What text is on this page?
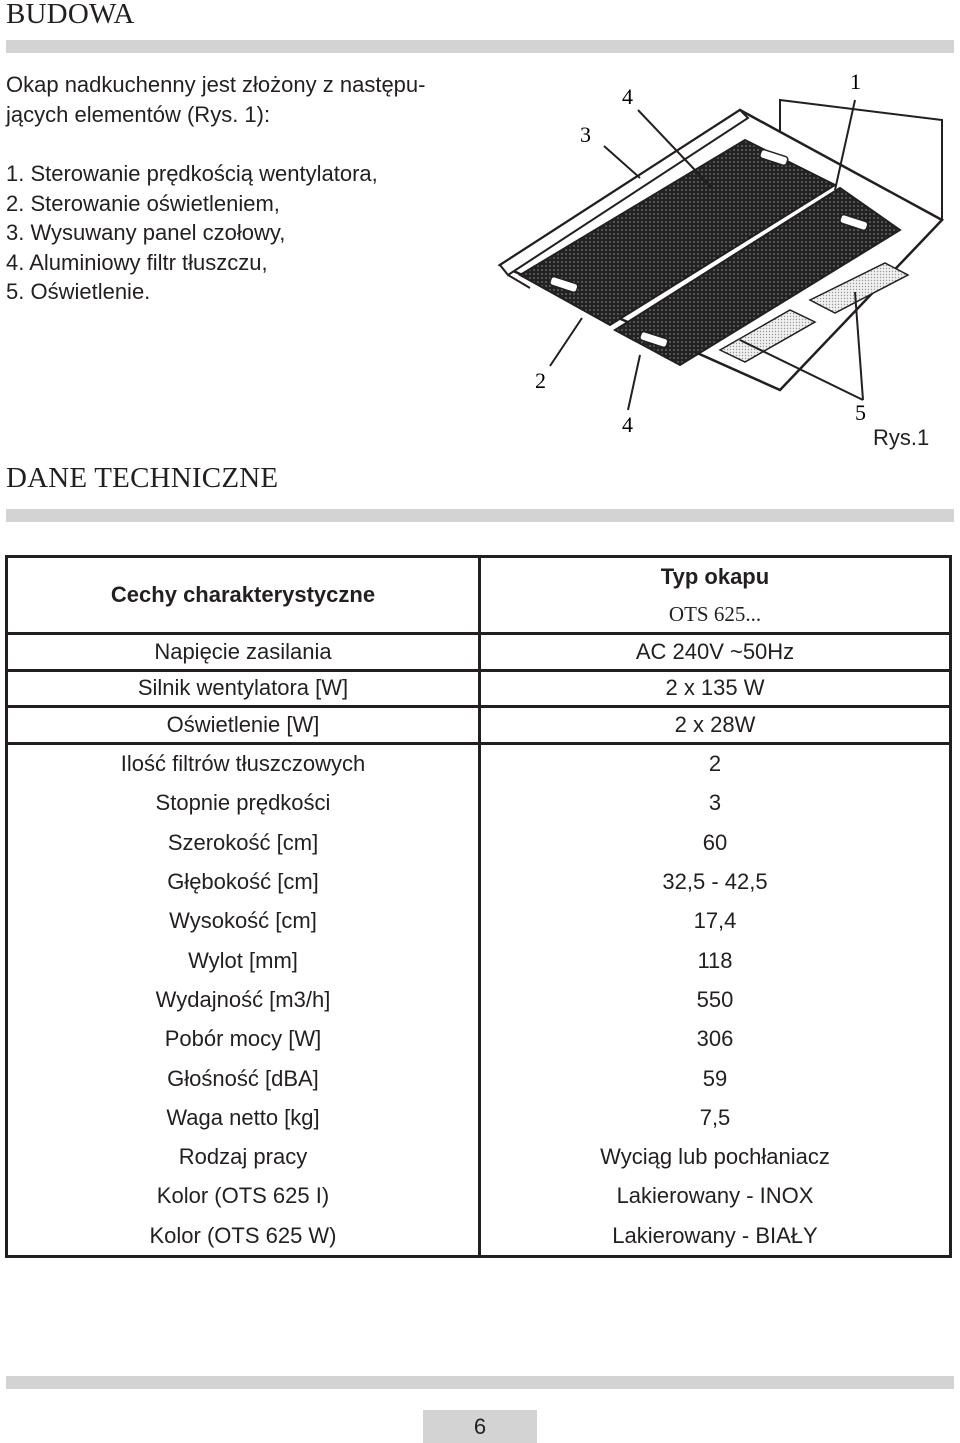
BUDOWA

Okap nadkuchenny jest złożony z następu-
jących elementów (Rys. 1):

1. Sterowanie prędkością wentylatora,
2. Sterowanie oświetleniem,
3. Wysuwany panel czołowy,
4. Aluminiowy filtr tłuszczu,
5. Oświetlenie.
1
2
3
4
4	5
Rys.1
DANE TECHNICZNE
Cechy charakterystyczne	Typ okapu
	OTS 625...
Napięcie zasilania	AC 240V ~50Hz
Silnik wentylatora [W]	2 x 135 W
Oświetlenie [W]	2 x 28W
Ilość filtrów tłuszczowych	2
Stopnie prędkości	3
Szerokość [cm]	60
Głębokość [cm]	32,5 - 42,5
Wysokość [cm]	17,4
Wylot [mm]	118
Wydajność [m3/h]	550
Pobór mocy [W]	306
Głośność [dBA]	59
Waga netto [kg]	7,5
Rodzaj pracy	Wyciąg lub pochłaniacz
Kolor (OTS 625 I)	Lakierowany - INOX
Kolor (OTS 625 W)	Lakierowany - BIAŁY
6
